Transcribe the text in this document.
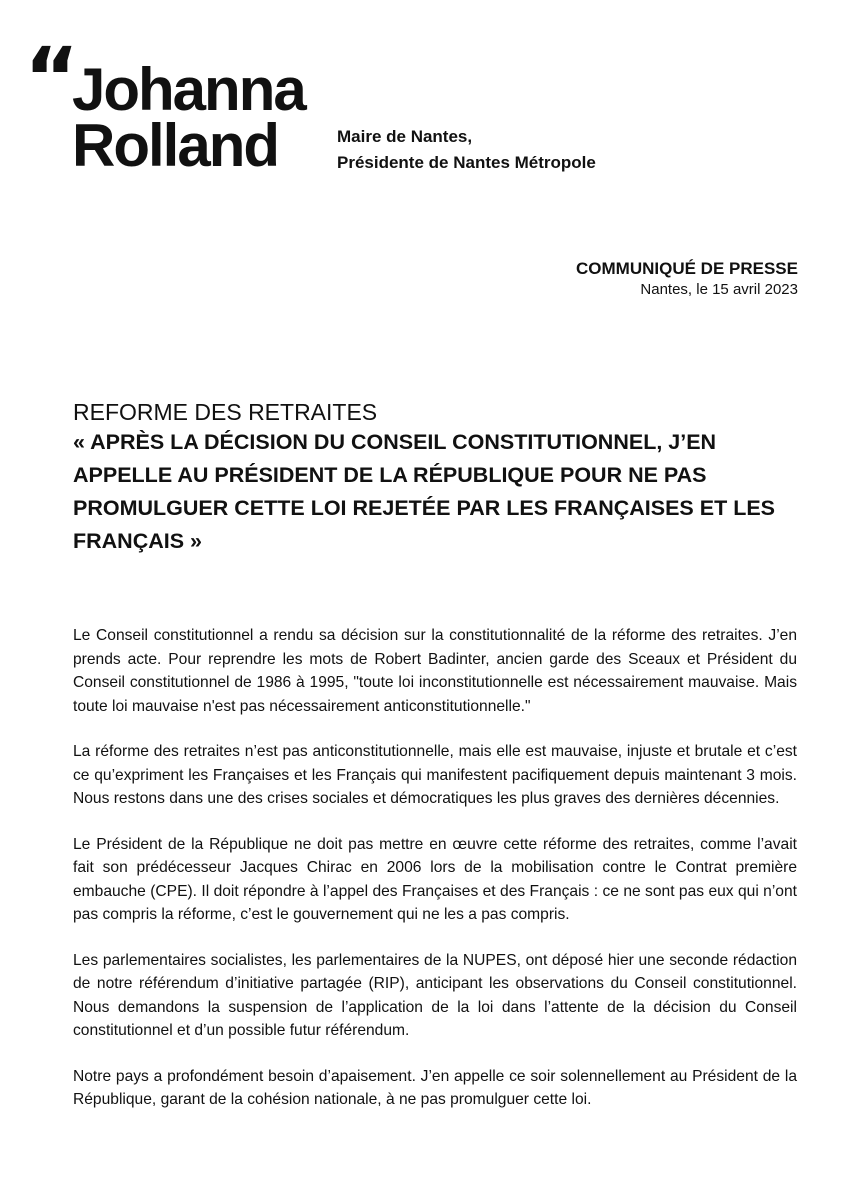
“
Johanna
Rolland	Maire de Nantes,
Présidente de Nantes Métropole
COMMUNIQUÉ DE PRESSE
Nantes, le 15 avril 2023
REFORME DES RETRAITES
« APRÈS LA DÉCISION DU CONSEIL CONSTITUTIONNEL, J’EN APPELLE AU PRÉSIDENT DE LA RÉPUBLIQUE POUR NE PAS PROMULGUER CETTE LOI REJETÉE PAR LES FRANÇAISES ET LES FRANÇAIS »

Le Conseil constitutionnel a rendu sa décision sur la constitutionnalité de la réforme des retraites. J’en prends acte. Pour reprendre les mots de Robert Badinter, ancien garde des Sceaux et Président du Conseil constitutionnel de 1986 à 1995, "toute loi inconstitutionnelle est nécessairement mauvaise. Mais toute loi mauvaise n'est pas nécessairement anticonstitutionnelle."

La réforme des retraites n’est pas anticonstitutionnelle, mais elle est mauvaise, injuste et brutale et c’est ce qu’expriment les Françaises et les Français qui manifestent pacifiquement depuis maintenant 3 mois. Nous restons dans une des crises sociales et démocratiques les plus graves des dernières décennies.

Le Président de la République ne doit pas mettre en œuvre cette réforme des retraites, comme l’avait fait son prédécesseur Jacques Chirac en 2006 lors de la mobilisation contre le Contrat première embauche (CPE). Il doit répondre à l’appel des Françaises et des Français : ce ne sont pas eux qui n’ont pas compris la réforme, c’est le gouvernement qui ne les a pas compris.

Les parlementaires socialistes, les parlementaires de la NUPES, ont déposé hier une seconde rédaction de notre référendum d’initiative partagée (RIP), anticipant les observations du Conseil constitutionnel. Nous demandons la suspension de l’application de la loi dans l’attente de la décision du Conseil constitutionnel et d’un possible futur référendum.

Notre pays a profondément besoin d’apaisement. J’en appelle ce soir solennellement au Président de la République, garant de la cohésion nationale, à ne pas promulguer cette loi.
